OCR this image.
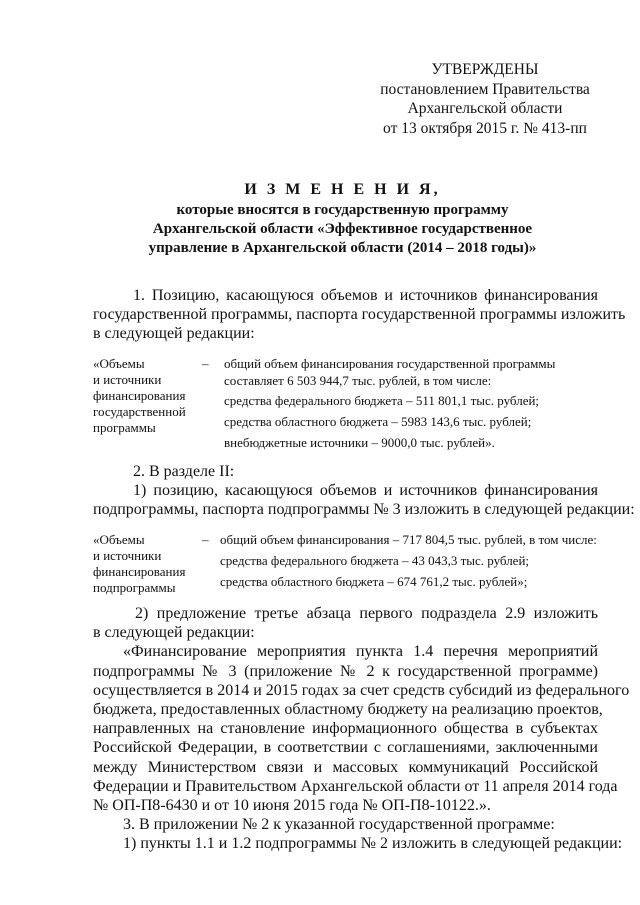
УТВЕРЖДЕНЫ
постановлением Правительства
Архангельской области
от 13 октября 2015 г. № 413-пп
И З М Е Н Е Н И Я,
которые вносятся в государственную программу
Архангельской области «Эффективное государственное
управление в Архангельской области (2014 – 2018 годы)»
1. Позицию, касающуюся объемов и источников финансирования
государственной программы, паспорта государственной программы изложить
в следующей редакции:
«Объемы
и источники
финансирования
государственной
программы
– общий объем финансирования государственной программы
составляет 6 503 944,7 тыс. рублей, в том числе:
средства федерального бюджета – 511 801,1 тыс. рублей;
средства областного бюджета – 5983 143,6 тыс. рублей;
внебюджетные источники – 9000,0 тыс. рублей».
2. В разделе II:
1) позицию, касающуюся объемов и источников финансирования
подпрограммы, паспорта подпрограммы № 3 изложить в следующей редакции:
«Объемы
и источники
финансирования
подпрограммы
– общий объем финансирования – 717 804,5 тыс. рублей, в том числе:
средства федерального бюджета – 43 043,3 тыс. рублей;
средства областного бюджета – 674 761,2 тыс. рублей»;
2) предложение третье абзаца первого подраздела 2.9 изложить
в следующей редакции:
«Финансирование мероприятия пункта 1.4 перечня мероприятий
подпрограммы № 3 (приложение № 2 к государственной программе)
осуществляется в 2014 и 2015 годах за счет средств субсидий из федерального
бюджета, предоставленных областному бюджету на реализацию проектов,
направленных на становление информационного общества в субъектах
Российской Федерации, в соответствии с соглашениями, заключенными
между Министерством связи и массовых коммуникаций Российской
Федерации и Правительством Архангельской области от 11 апреля 2014 года
№ ОП-П8-6430 и от 10 июня 2015 года № ОП-П8-10122.».
3. В приложении № 2 к указанной государственной программе:
1) пункты 1.1 и 1.2 подпрограммы № 2 изложить в следующей редакции:
